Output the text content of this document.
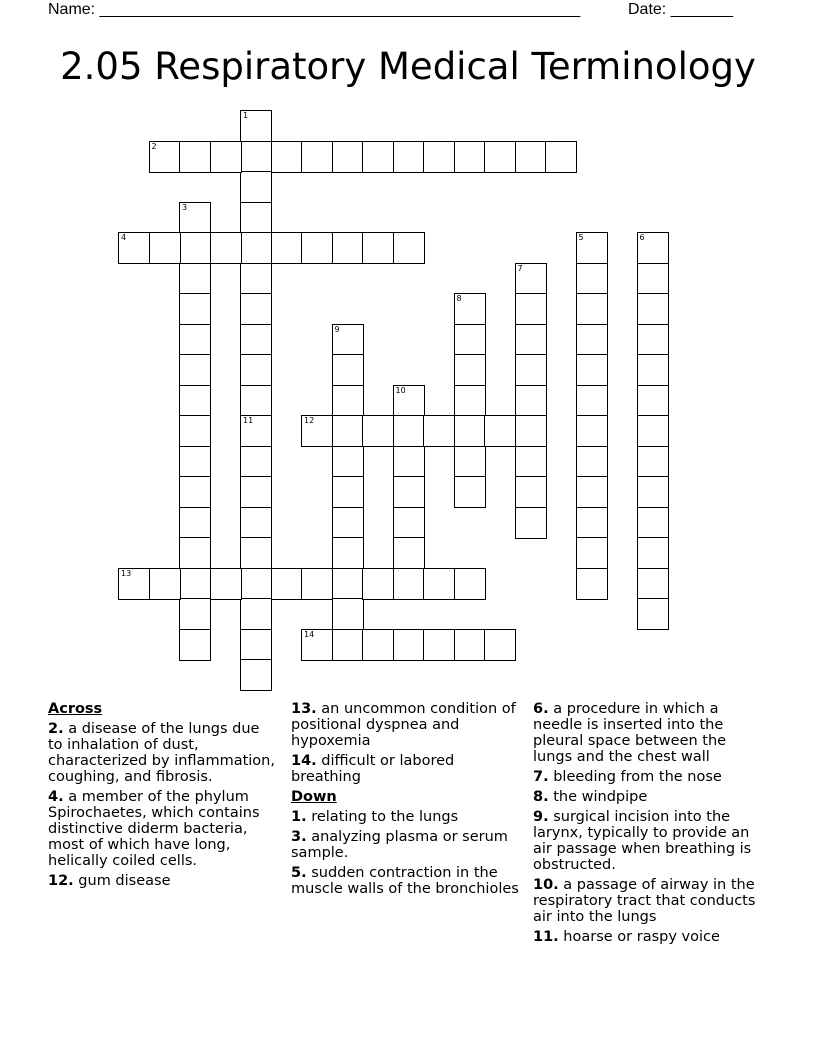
Name: ______________________________________________________	Date: _______
2.05 Respiratory Medical Terminology
1
11
2
3
4	5	6
7
8
9
10
12
13
14
Across
2. a disease of the lungs due to inhalation of dust, characterized by inflammation, coughing, and fibrosis.
4. a member of the phylum Spirochaetes, which contains distinctive diderm bacteria, most of which have long, helically coiled cells.
12. gum disease
13. an uncommon condition of positional dyspnea and hypoxemia
14. difficult or labored breathing
Down
1. relating to the lungs
3. analyzing plasma or serum sample.
5. sudden contraction in the muscle walls of the bronchioles
6. a procedure in which a needle is inserted into the pleural space between the lungs and the chest wall
7. bleeding from the nose
8. the windpipe
9. surgical incision into the larynx, typically to provide an air passage when breathing is obstructed.
10. a passage of airway in the respiratory tract that conducts air into the lungs
11. hoarse or raspy voice
